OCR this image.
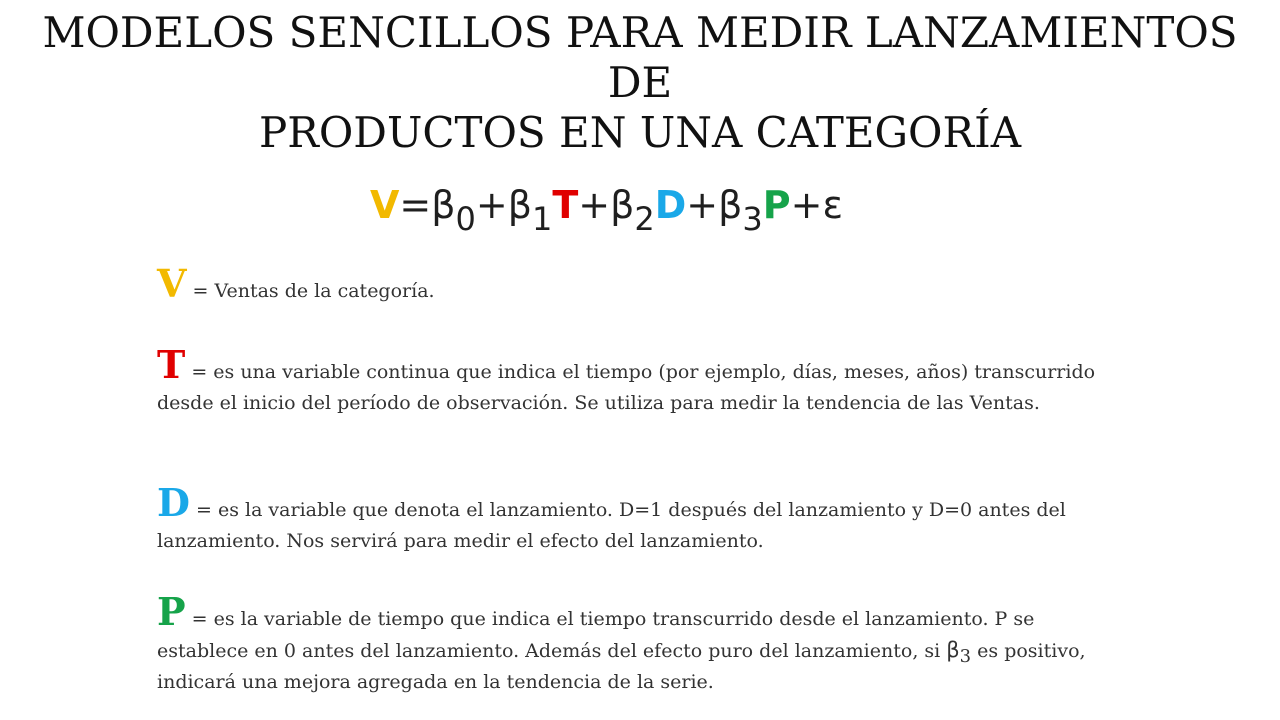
MODELOS SENCILLOS PARA MEDIR LANZAMIENTOS DE
PRODUCTOS EN UNA CATEGORÍA
$V=\beta_0+\beta_1T+\beta_2D+\beta_3P+\varepsilon$
V = Ventas de la categoría.
T = es una variable continua que indica el tiempo (por ejemplo, días, meses, años) transcurrido desde el inicio del período de observación. Se utiliza para medir la tendencia de las Ventas.
D = es la variable que denota el lanzamiento. D=1 después del lanzamiento y D=0 antes del lanzamiento. Nos servirá para medir el efecto del lanzamiento.
P = es la variable de tiempo que indica el tiempo transcurrido desde el lanzamiento. P se establece en 0 antes del lanzamiento. Además del efecto puro del lanzamiento, si $\beta_3$ es positivo, indicará una mejora agregada en la tendencia de la serie.
